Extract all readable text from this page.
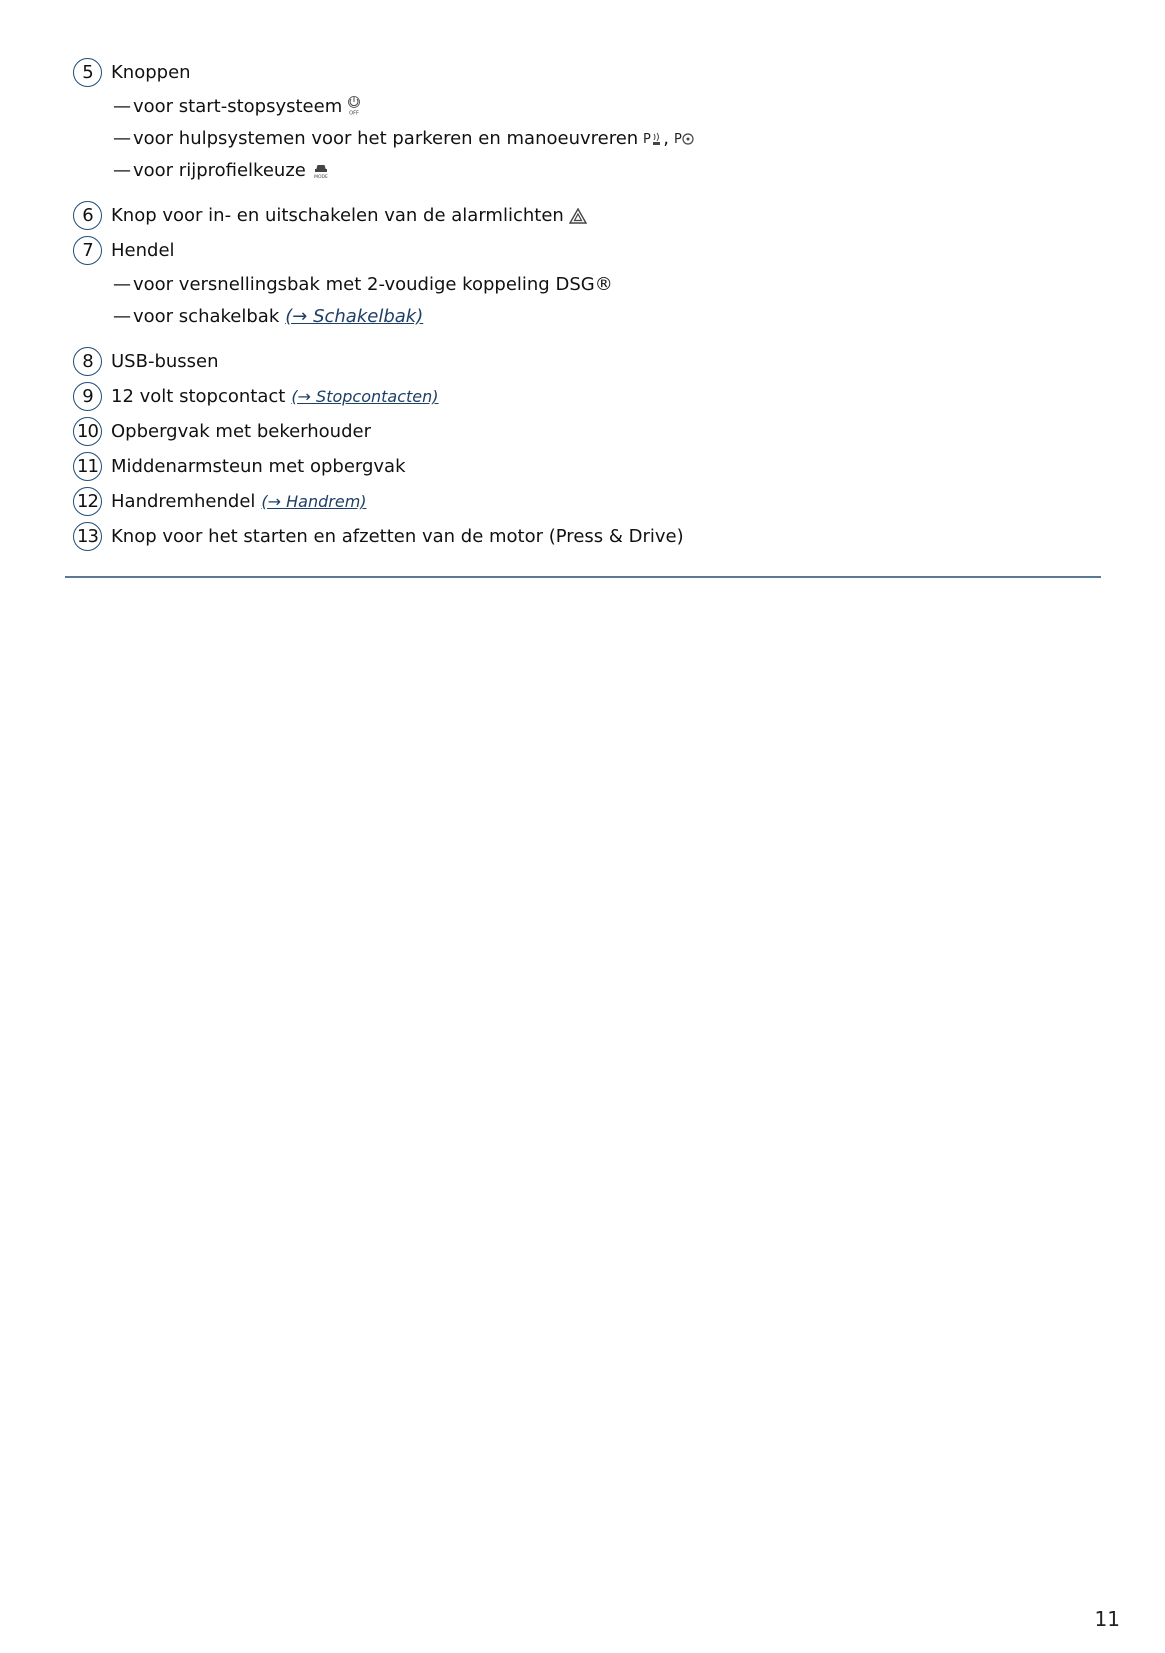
5	Knoppen
— voor start-stopsysteem OFF
— voor hulpsystemen voor het parkeren en manoeuvreren P , P
— voor rijprofielkeuze MODE
6	Knop voor in- en uitschakelen van de alarmlichten
7	Hendel
— voor versnellingsbak met 2-voudige koppeling DSG®
— voor schakelbak (→ Schakelbak)
8	USB-bussen
9	12 volt stopcontact (→ Stopcontacten)
10 Opbergvak met bekerhouder
11 Middenarmsteun met opbergvak
12 Handremhendel (→ Handrem)
13 Knop voor het starten en afzetten van de motor (Press & Drive)
11
